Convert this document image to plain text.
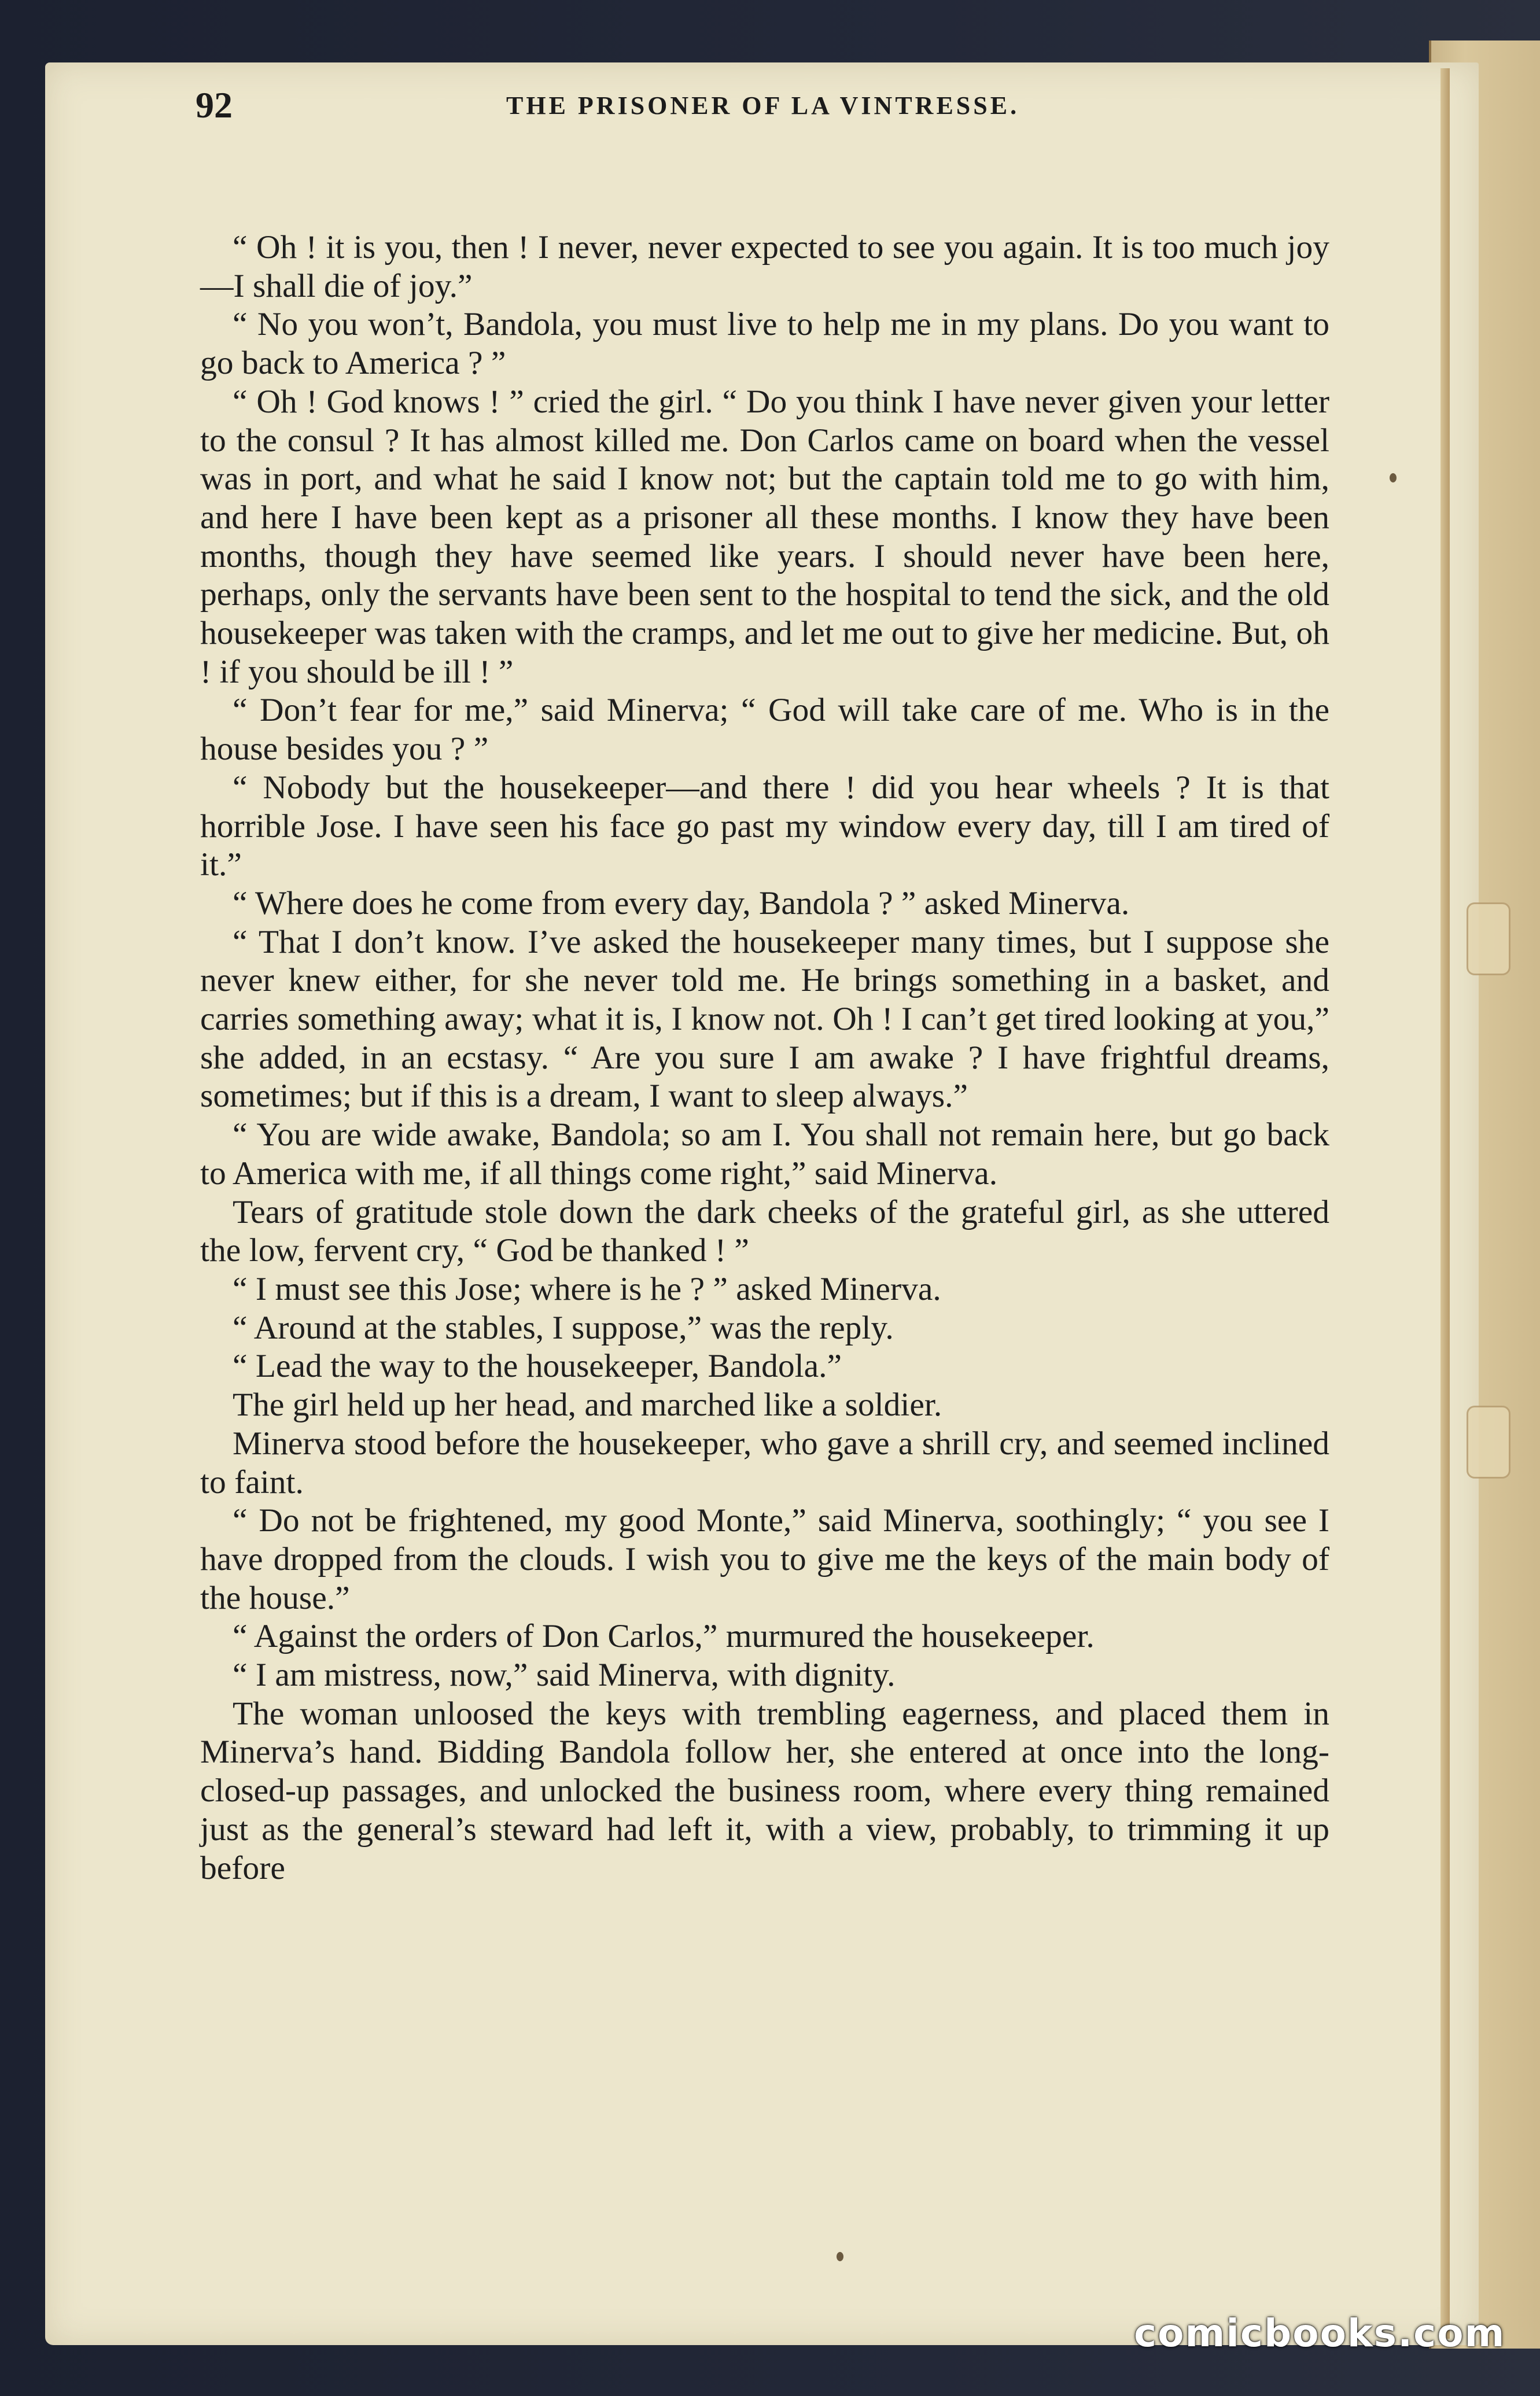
92	THE PRISONER OF LA VINTRESSE.

“ Oh ! it is you, then ! I never, never expected to see you again. It is too much joy—I shall die of joy.”

“ No you won’t, Bandola, you must live to help me in my plans. Do you want to go back to America ? ”

“ Oh ! God knows ! ” cried the girl. “ Do you think I have never given your letter to the consul ? It has almost killed me. Don Carlos came on board when the vessel was in port, and what he said I know not; but the captain told me to go with him, and here I have been kept as a prisoner all these months. I know they have been months, though they have seemed like years. I should never have been here, perhaps, only the servants have been sent to the hospital to tend the sick, and the old housekeeper was taken with the cramps, and let me out to give her medicine. But, oh ! if you should be ill ! ”

“ Don’t fear for me,” said Minerva; “ God will take care of me. Who is in the house besides you ? ”

“ Nobody but the housekeeper—and there ! did you hear wheels ? It is that horrible Jose. I have seen his face go past my window every day, till I am tired of it.”

“ Where does he come from every day, Bandola ? ” asked Minerva.

“ That I don’t know. I’ve asked the housekeeper many times, but I suppose she never knew either, for she never told me. He brings something in a basket, and carries something away; what it is, I know not. Oh ! I can’t get tired looking at you,” she added, in an ecstasy. “ Are you sure I am awake ? I have frightful dreams, sometimes; but if this is a dream, I want to sleep always.”

“ You are wide awake, Bandola; so am I. You shall not remain here, but go back to America with me, if all things come right,” said Minerva.

Tears of gratitude stole down the dark cheeks of the grateful girl, as she uttered the low, fervent cry, “ God be thanked ! ”

“ I must see this Jose; where is he ? ” asked Minerva.

“ Around at the stables, I suppose,” was the reply.

“ Lead the way to the housekeeper, Bandola.”

The girl held up her head, and marched like a soldier.

Minerva stood before the housekeeper, who gave a shrill cry, and seemed inclined to faint.

“ Do not be frightened, my good Monte,” said Minerva, soothingly; “ you see I have dropped from the clouds. I wish you to give me the keys of the main body of the house.”

“ Against the orders of Don Carlos,” murmured the housekeeper.

“ I am mistress, now,” said Minerva, with dignity.

The woman unloosed the keys with trembling eagerness, and placed them in Minerva’s hand. Bidding Bandola follow her, she entered at once into the long-closed-up passages, and unlocked the business room, where every thing remained just as the general’s steward had left it, with a view, probably, to trimming it up before

comicbooks.com
